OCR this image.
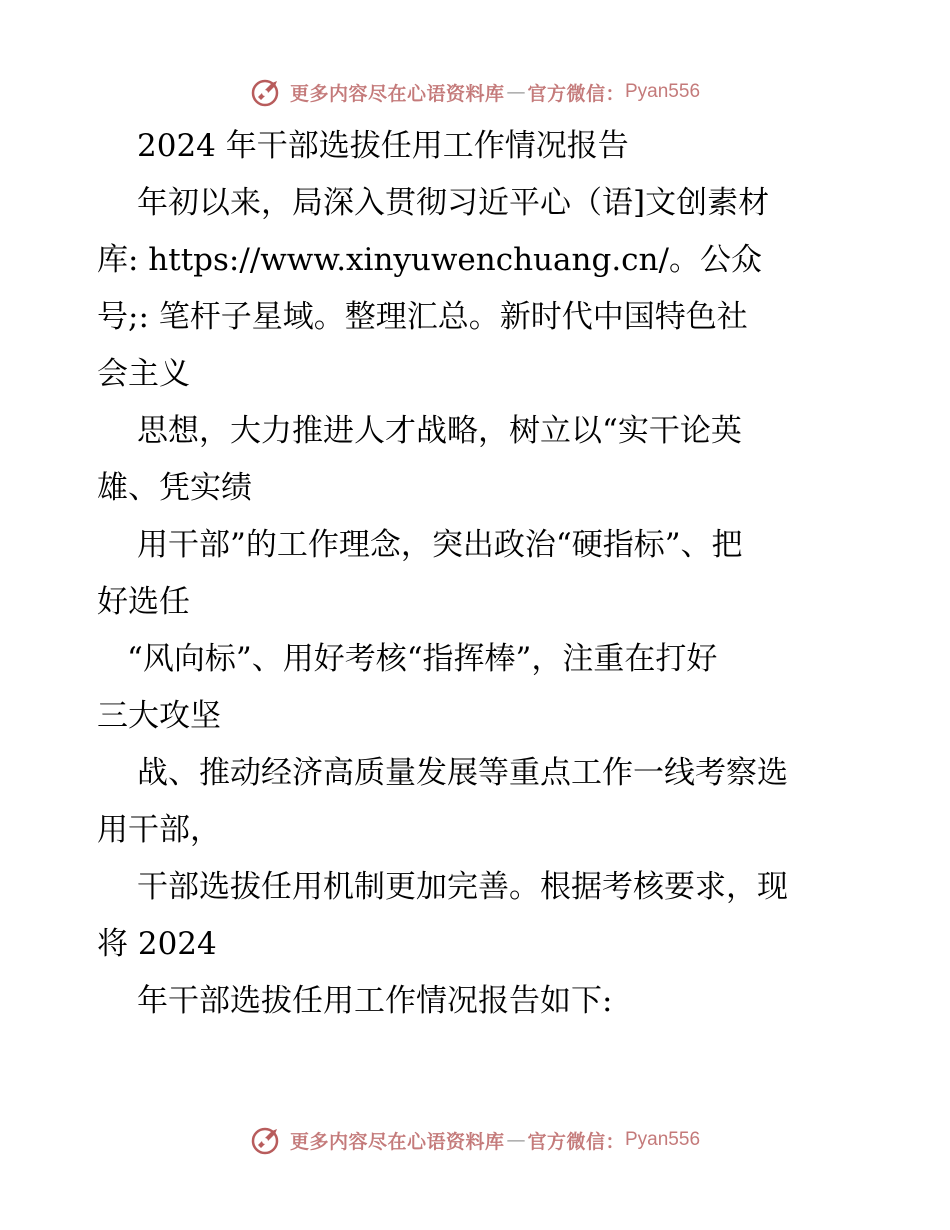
更多内容尽在心语资料库 — 官方微信： Pyan556
2024 年干部选拔任用工作情况报告
年初以来，局深入贯彻习近平心（语]文创素材
库: https://www.xinyuwenchuang.cn/。公众
号;: 笔杆子星域。整理汇总。新时代中国特色社
会主义
思想，大力推进人才战略，树立以“实干论英
雄、凭实绩
用干部”的工作理念，突出政治“硬指标”、把
好选任
“风向标”、用好考核“指挥棒”，注重在打好
三大攻坚
战、推动经济高质量发展等重点工作一线考察选
用干部，
干部选拔任用机制更加完善。根据考核要求，现
将 2024
年干部选拔任用工作情况报告如下:
更多内容尽在心语资料库 — 官方微信： Pyan556
